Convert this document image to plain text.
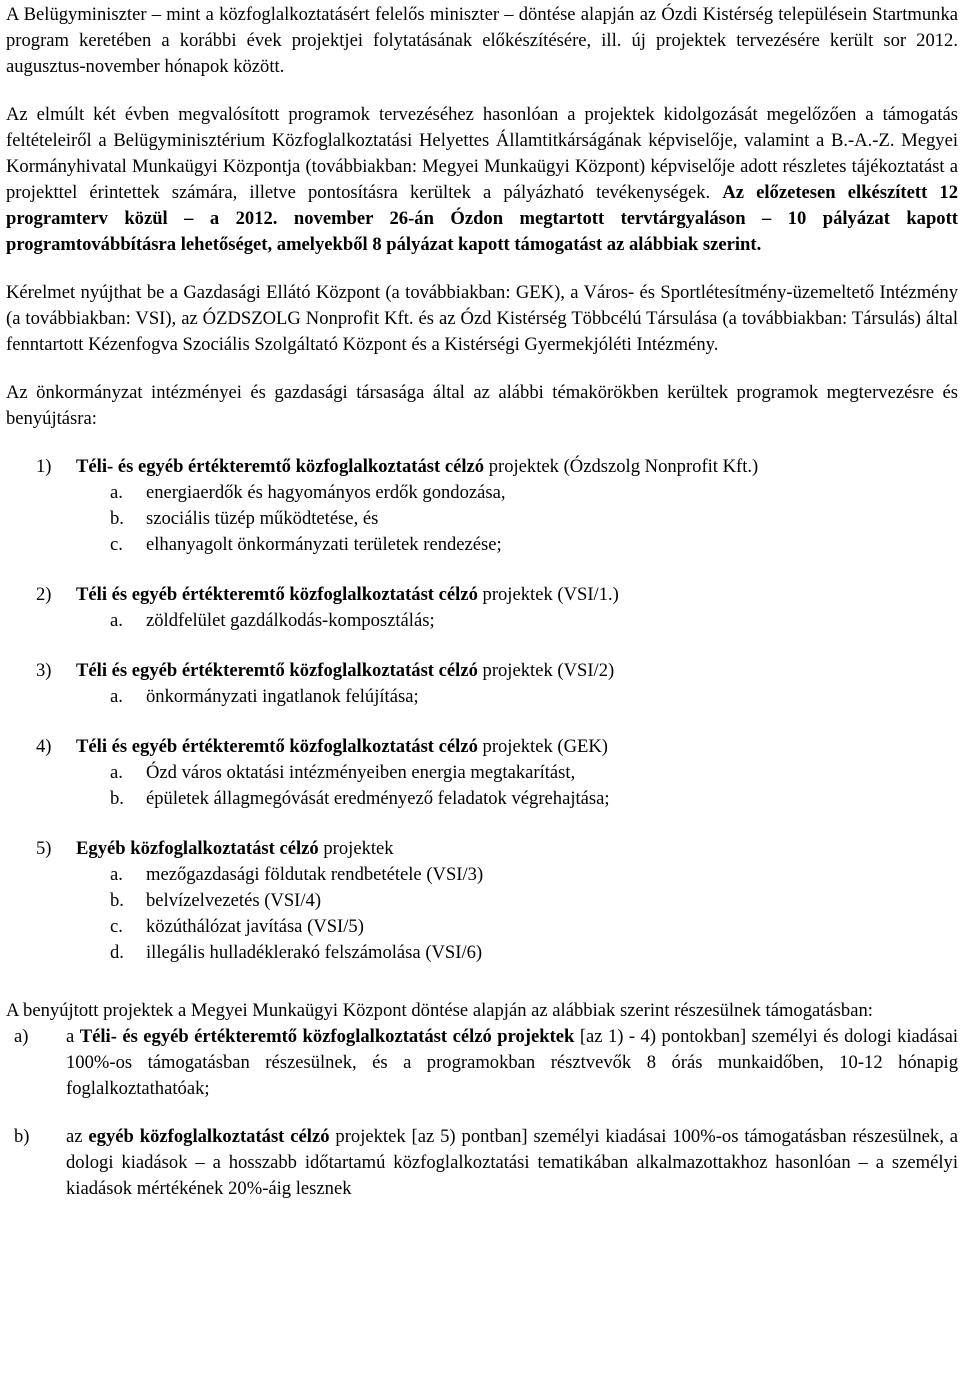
A Belügyminiszter – mint a közfoglalkoztatásért felelős miniszter – döntése alapján az Ózdi Kistérség településein Startmunka program keretében a korábbi évek projektjei folytatásának előkészítésére, ill. új projektek tervezésére került sor 2012. augusztus-november hónapok között.

Az elmúlt két évben megvalósított programok tervezéséhez hasonlóan a projektek kidolgozását megelőzően a támogatás feltételeiről a Belügyminisztérium Közfoglalkoztatási Helyettes Államtitkárságának képviselője, valamint a B.-A.-Z. Megyei Kormányhivatal Munkaügyi Központja (továbbiakban: Megyei Munkaügyi Központ) képviselője adott részletes tájékoztatást a projekttel érintettek számára, illetve pontosításra kerültek a pályázható tevékenységek. Az előzetesen elkészített 12 programterv közül – a 2012. november 26-án Ózdon megtartott tervtárgyaláson – 10 pályázat kapott programtovábbításra lehetőséget, amelyekből 8 pályázat kapott támogatást az alábbiak szerint.

Kérelmet nyújthat be a Gazdasági Ellátó Központ (a továbbiakban: GEK), a Város- és Sportlétesítmény-üzemeltető Intézmény (a továbbiakban: VSI), az ÓZDSZOLG Nonprofit Kft. és az Ózd Kistérség Többcélú Társulása (a továbbiakban: Társulás) által fenntartott Kézenfogva Szociális Szolgáltató Központ és a Kistérségi Gyermekjóléti Intézmény.

Az önkormányzat intézményei és gazdasági társasága által az alábbi témakörökben kerültek programok megtervezésre és benyújtásra:

1)	Téli- és egyéb értékteremtő közfoglalkoztatást célzó projektek (Ózdszolg Nonprofit Kft.)
a.	energiaerdők és hagyományos erdők gondozása,
b.	szociális tüzép működtetése, és
c.	elhanyagolt önkormányzati területek rendezése;
2)	Téli és egyéb értékteremtő közfoglalkoztatást célzó projektek (VSI/1.)
a.	zöldfelület gazdálkodás-komposztálás;
3)	Téli és egyéb értékteremtő közfoglalkoztatást célzó projektek (VSI/2)
a.	önkormányzati ingatlanok felújítása;
4)	Téli és egyéb értékteremtő közfoglalkoztatást célzó projektek (GEK)
a.	Ózd város oktatási intézményeiben energia megtakarítást,
b.	épületek állagmegóvását eredményező feladatok végrehajtása;
5)	Egyéb közfoglalkoztatást célzó projektek
a.	mezőgazdasági földutak rendbetétele (VSI/3)
b.	belvízelvezetés (VSI/4)
c.	közúthálózat javítása (VSI/5)
d.	illegális hulladéklerakó felszámolása (VSI/6)

A benyújtott projektek a Megyei Munkaügyi Központ döntése alapján az alábbiak szerint részesülnek támogatásban:

a)	a Téli- és egyéb értékteremtő közfoglalkoztatást célzó projektek [az 1) - 4) pontokban] személyi és dologi kiadásai 100%-os támogatásban részesülnek, és a programokban résztvevők 8 órás munkaidőben, 10-12 hónapig foglalkoztathatóak;
b)	az egyéb közfoglalkoztatást célzó projektek [az 5) pontban] személyi kiadásai 100%-os támogatásban részesülnek, a dologi kiadások – a hosszabb időtartamú közfoglalkoztatási tematikában alkalmazottakhoz hasonlóan – a személyi kiadások mértékének 20%-áig lesznek
